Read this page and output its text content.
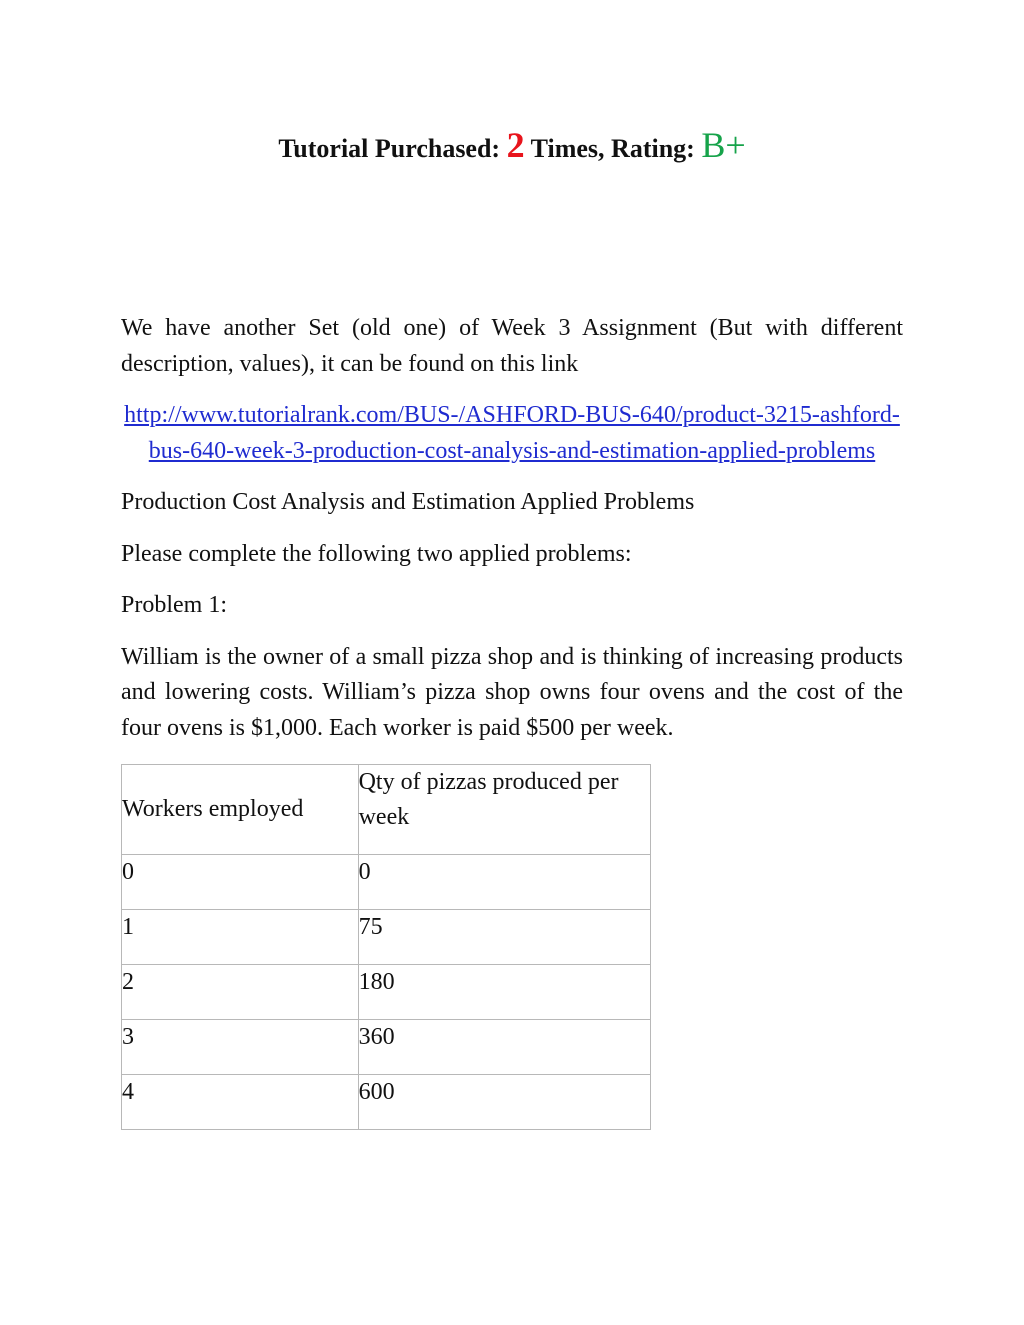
Tutorial Purchased: 2 Times, Rating: B+

We have another Set (old one) of Week 3 Assignment (But with different description, values), it can be found on this link

http://www.tutorialrank.com/BUS-/ASHFORD-BUS-640/product-3215-ashford-bus-640-week-3-production-cost-analysis-and-estimation-applied-problems

Production Cost Analysis and Estimation Applied Problems

Please complete the following two applied problems:

Problem 1:

William is the owner of a small pizza shop and is thinking of increasing products and lowering costs. William’s pizza shop owns four ovens and the cost of the four ovens is $1,000. Each worker is paid $500 per week.

Workers employed	Qty of pizzas produced per week
0	0
1	75
2	180
3	360
4	600
